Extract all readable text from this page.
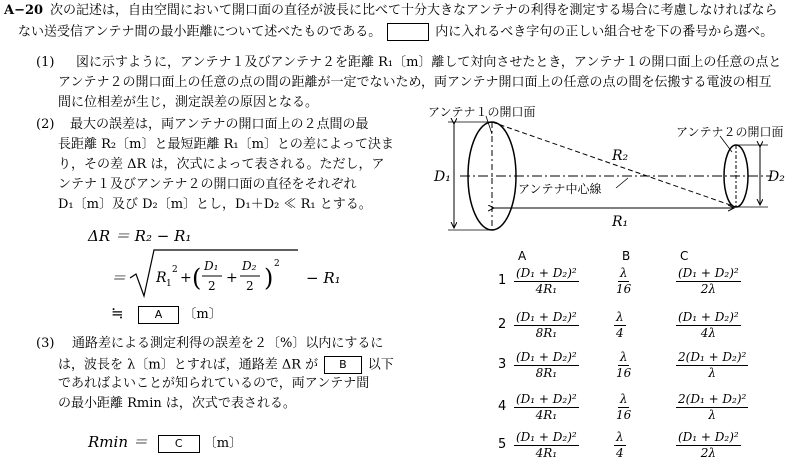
A−20 次の記述は，自由空間において開口面の直径が波長に比べて十分大きなアンテナの利得を測定する場合に考慮しなければなら
ない送受信アンテナ間の最小距離について述べたものである。	内に入れるべき字句の正しい組合せを下の番号から選べ。
(1) 図に示すように，アンテナ１及びアンテナ２を距離 R₁〔m〕離して対向させたとき，アンテナ１の開口面上の任意の点と
アンテナ２の開口面上の任意の点の間の距離が一定でないため，両アンテナ開口面上の任意の点の間を伝搬する電波の相互
間に位相差が生じ，測定誤差の原因となる。
(2) 最大の誤差は，両アンテナの開口面上の２点間の最
長距離 R₂〔m〕と最短距離 R₁〔m〕との差によって決ま
り，その差 ΔR は，次式によって表される。ただし，ア
ンテナ１及びアンテナ２の開口面の直径をそれぞれ
D₁〔m〕及び D₂〔m〕とし，D₁＋D₂ ≪ R₁ とする。
ΔR ＝ R₂ − R₁
＝ R 1
2 + ( D₁
2 +
D₂
2 ) 2
− R₁
≒	A 〔m〕
(3) 通路差による測定利得の誤差を２〔%〕以内にするに
は，波長を λ〔m〕とすれば，通路差 ΔR が B 以下
であればよいことが知られているので，両アンテナ間
の最小距離 Rmin は，次式で表される。
Rmin ＝ C 〔m〕
アンテナ１の開口面
アンテナ２の開口面
アンテナ中心線
D₁	D₂
R₂
R₁
A	B	C
$1 \frac{\text{(D₁ + D₂)²}}{\text{4R₁}}$	$\frac{\lambda}{16}$	$\frac{\text{(D₁ + D₂)²}}{2\lambda}$
$2 \frac{\text{(D₁ + D₂)²}}{\text{8R₁}}$	$\frac{\lambda}{4}$	$\frac{\text{(D₁ + D₂)²}}{4\lambda}$
$3 \frac{\text{(D₁ + D₂)²}}{\text{8R₁}}$	$\frac{\lambda}{16}$	$\frac{\text{2(D₁ + D₂)²}}{\lambda}$
$4 \frac{\text{(D₁ + D₂)²}}{\text{4R₁}}$	$\frac{\lambda}{16}$	$\frac{\text{2(D₁ + D₂)²}}{\lambda}$
$5 \frac{\text{(D₁ + D₂)²}}{\text{4R₁}}$	$\frac{\lambda}{4}$	$\frac{\text{(D₁ + D₂)²}}{2\lambda}$
